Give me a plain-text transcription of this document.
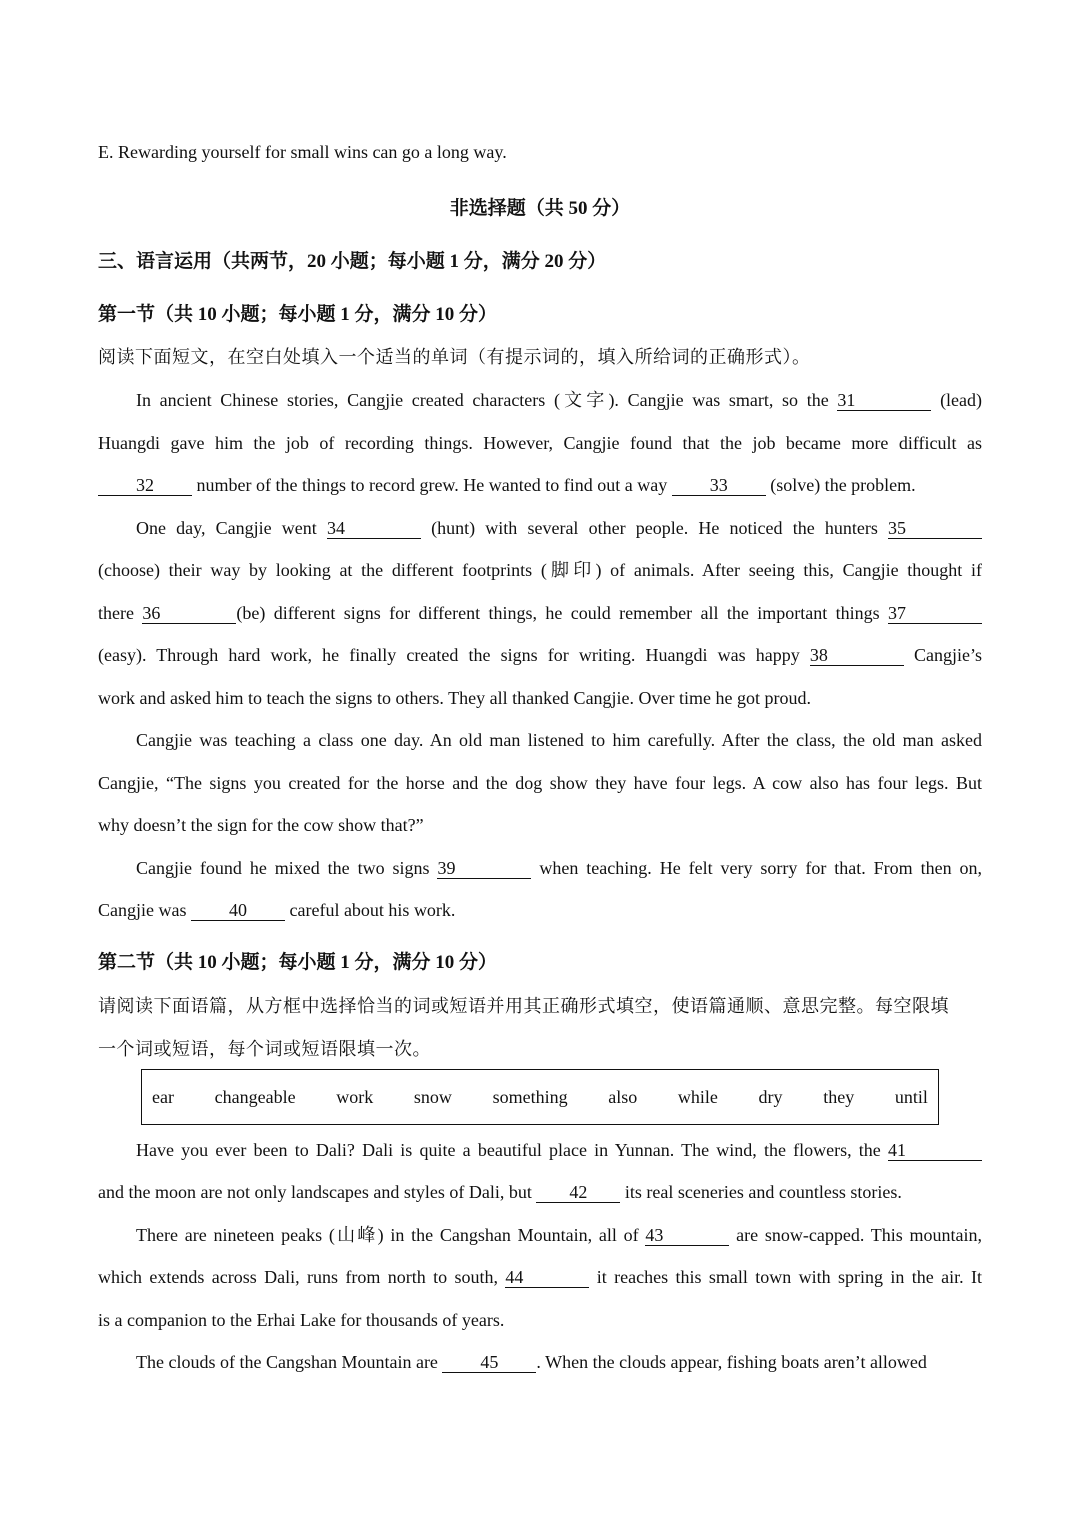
E. Rewarding yourself for small wins can go a long way.
非选择题（共 50 分）
三、语言运用（共两节，20 小题；每小题 1 分，满分 20 分）
第一节（共 10 小题；每小题 1 分，满分 10 分）
阅读下面短文，在空白处填入一个适当的单词（有提示词的，填入所给词的正确形式）。
In ancient Chinese stories, Cangjie created characters (文字). Cangjie was smart, so the 31	(lead)
Huangdi gave him the job of recording things. However, Cangjie found that the job became more difficult as
32 number of the things to record grew. He wanted to find out a way 33 (solve) the problem.
One day, Cangjie went 34	(hunt) with several other people. He noticed the hunters 35
(choose) their way by looking at the different footprints (脚印) of animals. After seeing this, Cangjie thought if
there 36	(be) different signs for different things, he could remember all the important things 37
(easy). Through hard work, he finally created the signs for writing. Huangdi was happy 38	Cangjie’s
work and asked him to teach the signs to others. They all thanked Cangjie. Over time he got proud.
Cangjie was teaching a class one day. An old man listened to him carefully. After the class, the old man asked
Cangjie, “The signs you created for the horse and the dog show they have four legs. A cow also has four legs. But
why doesn’t the sign for the cow show that?”
Cangjie found he mixed the two signs 39	when teaching. He felt very sorry for that. From then on,
Cangjie was 40 careful about his work.
第二节（共 10 小题；每小题 1 分，满分 10 分）
请阅读下面语篇，从方框中选择恰当的词或短语并用其正确形式填空，使语篇通顺、意思完整。每空限填
一个词或短语，每个词或短语限填一次。
ear changeable work snow something also while dry they until
Have you ever been to Dali? Dali is quite a beautiful place in Yunnan. The wind, the flowers, the 41
and the moon are not only landscapes and styles of Dali, but 42 its real sceneries and countless stories.
There are nineteen peaks (山峰) in the Cangshan Mountain, all of 43	are snow-capped. This mountain,
which extends across Dali, runs from north to south, 44	it reaches this small town with spring in the air. It
is a companion to the Erhai Lake for thousands of years.
The clouds of the Cangshan Mountain are 45 . When the clouds appear, fishing boats aren’t allowed
